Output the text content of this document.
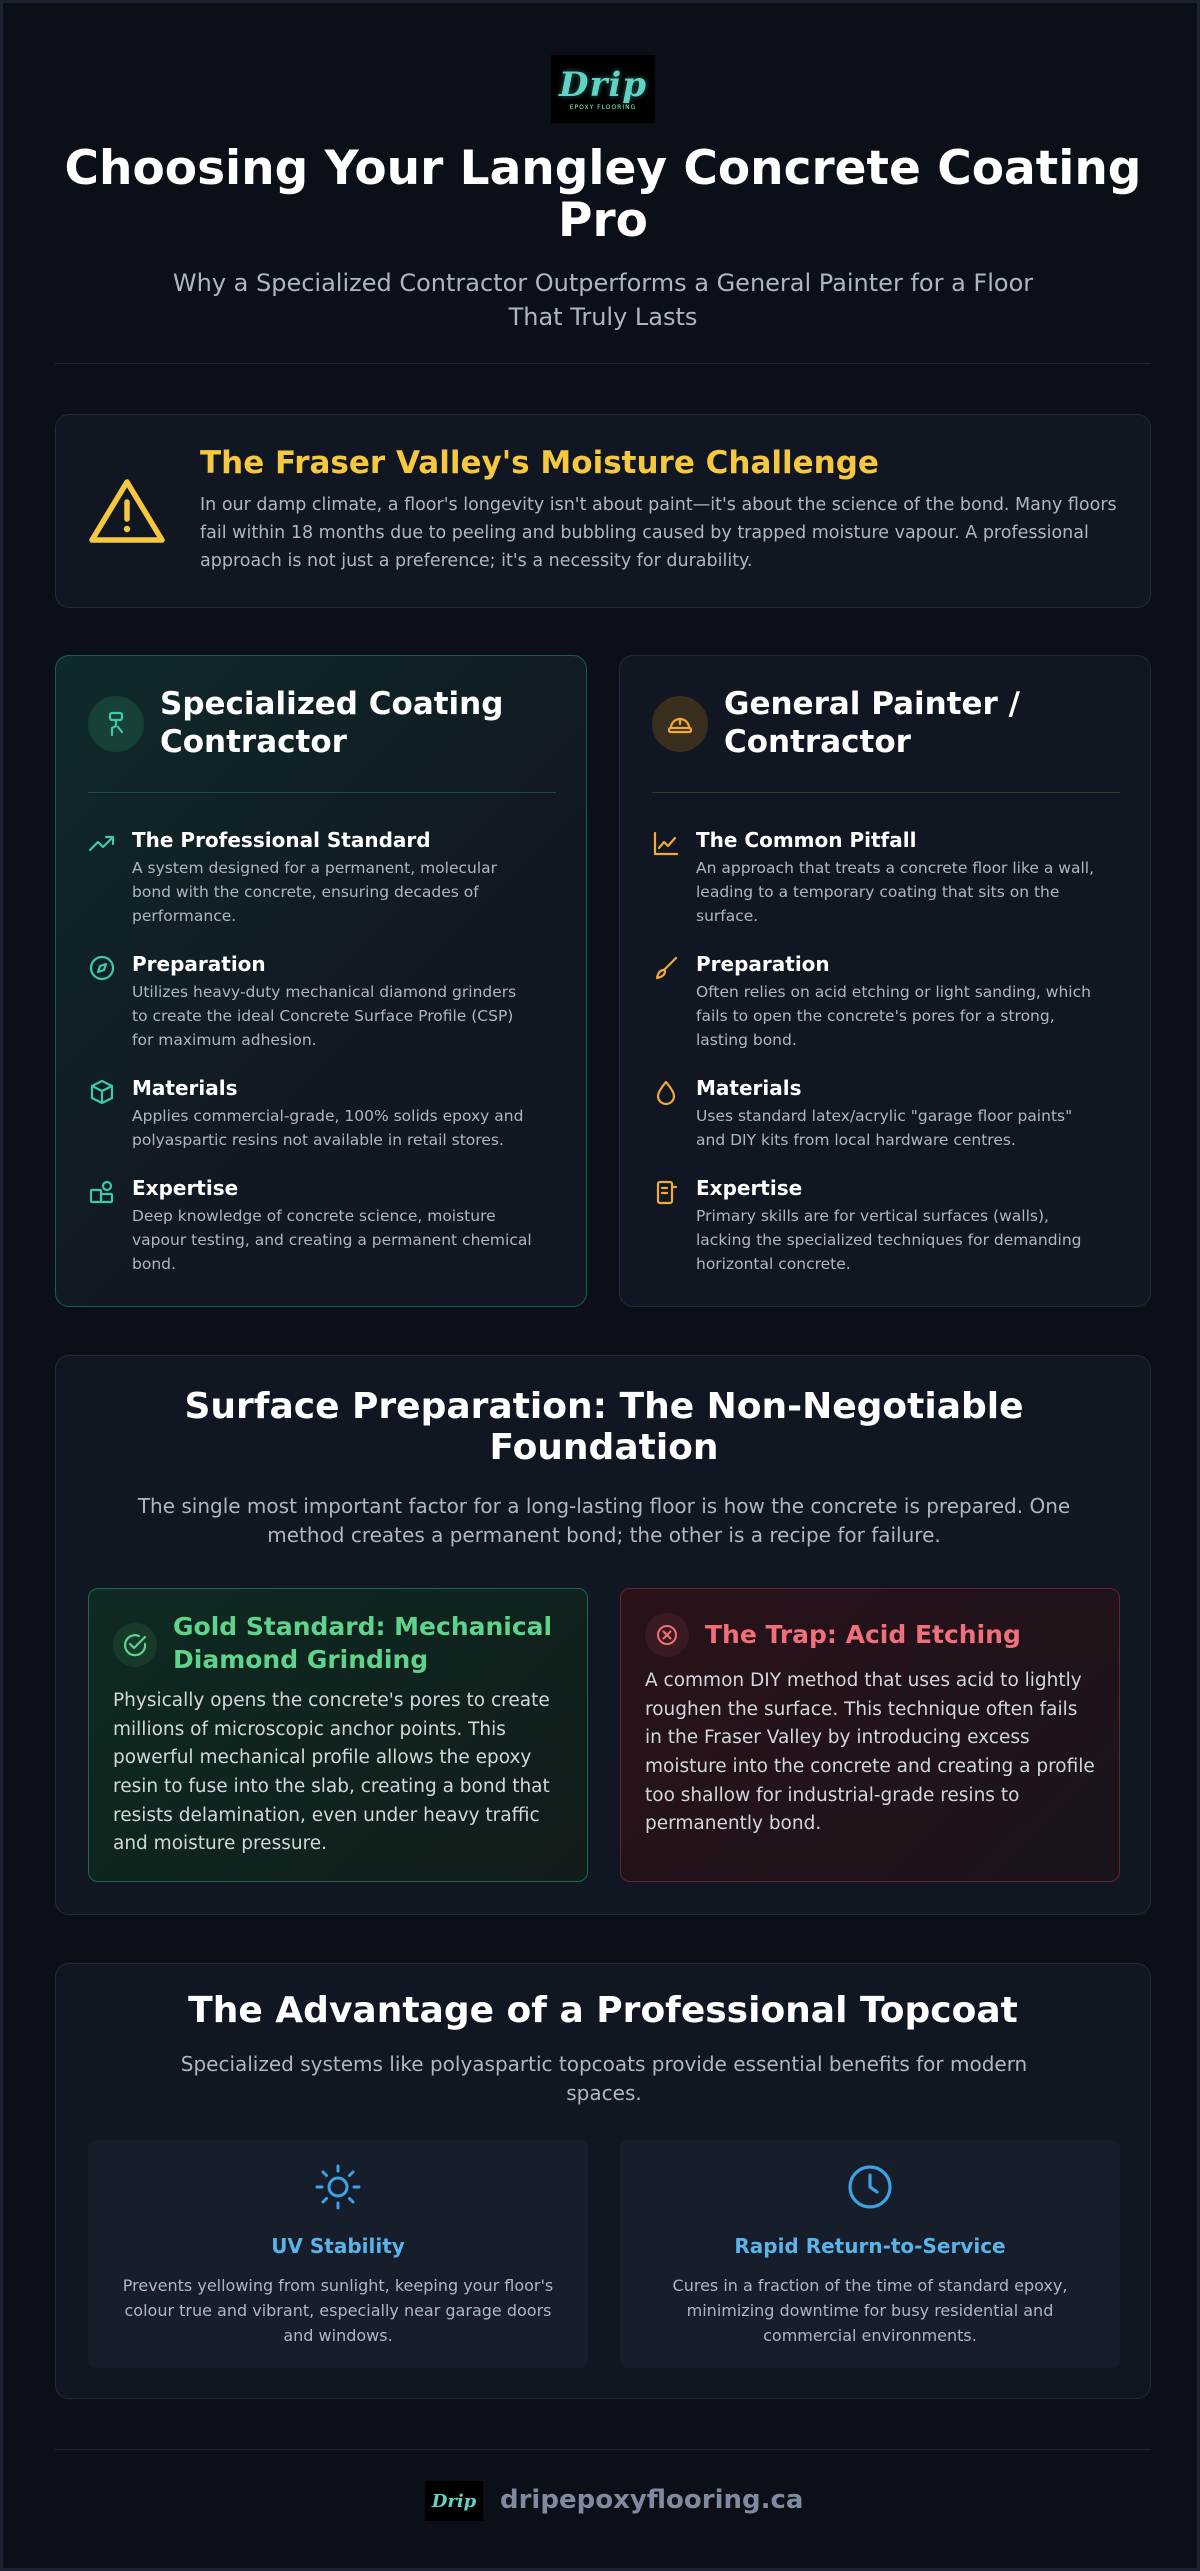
Drip
EPOXY FLOORING
Choosing Your Langley Concrete Coating Pro

Why a Specialized Contractor Outperforms a General Painter for a Floor That Truly Lasts

The Fraser Valley's Moisture Challenge

In our damp climate, a floor's longevity isn't about paint—it's about the science of the bond. Many floors fail within 18 months due to peeling and bubbling caused by trapped moisture vapour. A professional approach is not just a preference; it's a necessity for durability.

Specialized Coating Contractor
The Professional Standard
A system designed for a permanent, molecular bond with the concrete, ensuring decades of performance.
Preparation
Utilizes heavy-duty mechanical diamond grinders to create the ideal Concrete Surface Profile (CSP) for maximum adhesion.
Materials
Applies commercial-grade, 100% solids epoxy and polyaspartic resins not available in retail stores.
Expertise
Deep knowledge of concrete science, moisture vapour testing, and creating a permanent chemical bond.
General Painter / Contractor
The Common Pitfall
An approach that treats a concrete floor like a wall, leading to a temporary coating that sits on the surface.
Preparation
Often relies on acid etching or light sanding, which fails to open the concrete's pores for a strong, lasting bond.
Materials
Uses standard latex/acrylic "garage floor paints" and DIY kits from local hardware centres.
Expertise
Primary skills are for vertical surfaces (walls), lacking the specialized techniques for demanding horizontal concrete.
Surface Preparation: The Non-Negotiable Foundation

The single most important factor for a long-lasting floor is how the concrete is prepared. One method creates a permanent bond; the other is a recipe for failure.

Gold Standard: Mechanical Diamond Grinding

Physically opens the concrete's pores to create millions of microscopic anchor points. This powerful mechanical profile allows the epoxy resin to fuse into the slab, creating a bond that resists delamination, even under heavy traffic and moisture pressure.

The Trap: Acid Etching

A common DIY method that uses acid to lightly roughen the surface. This technique often fails in the Fraser Valley by introducing excess moisture into the concrete and creating a profile too shallow for industrial-grade resins to permanently bond.

The Advantage of a Professional Topcoat

Specialized systems like polyaspartic topcoats provide essential benefits for modern spaces.

UV Stability

Prevents yellowing from sunlight, keeping your floor's colour true and vibrant, especially near garage doors and windows.

Rapid Return-to-Service

Cures in a fraction of the time of standard epoxy, minimizing downtime for busy residential and commercial environments.

Drip dripepoxyflooring.ca
